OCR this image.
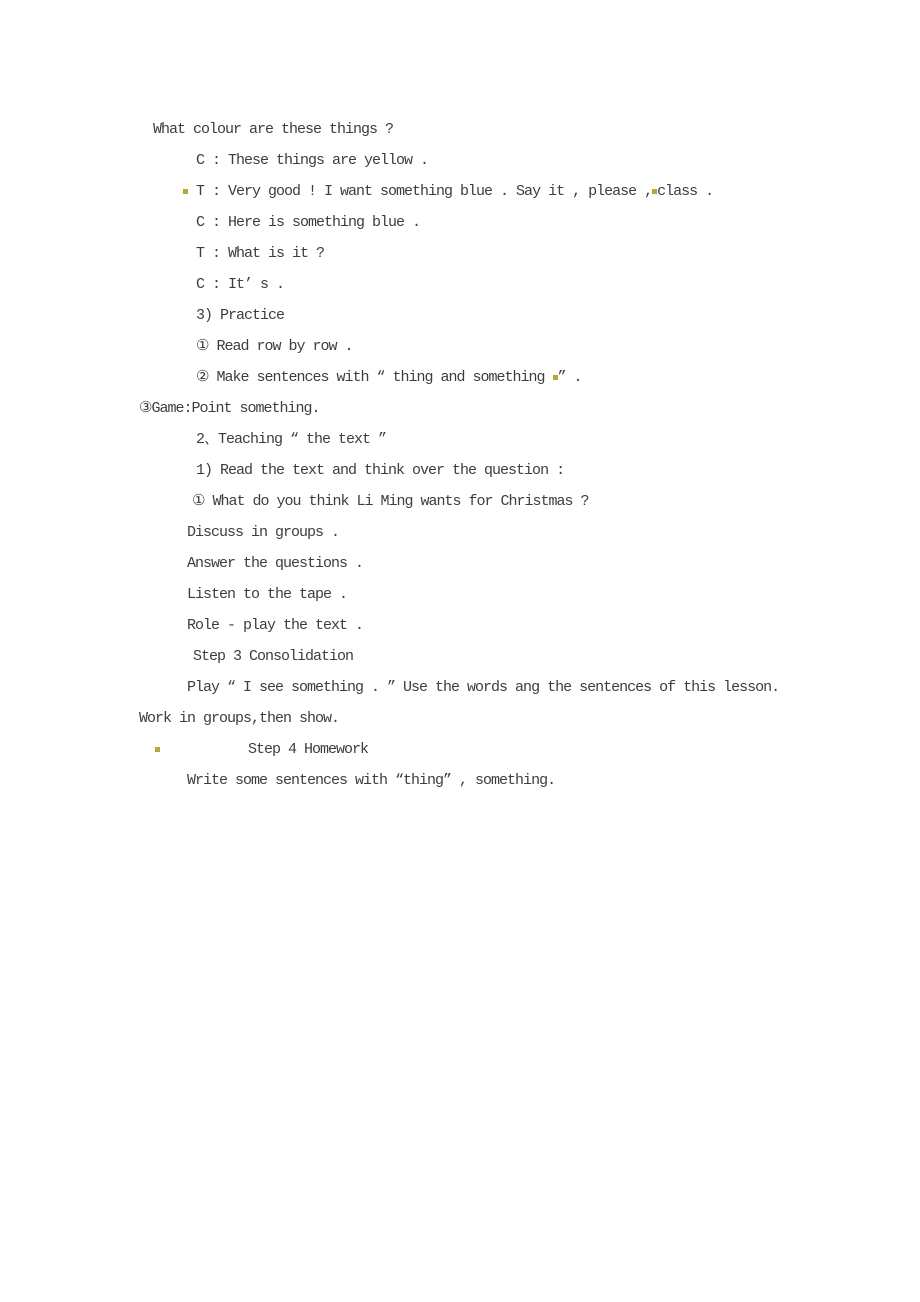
What colour are these things ?
C : These things are yellow .
T : Very good ! I want something blue . Say it , please , class .
C : Here is something blue .
T : What is it ?
C : It’ s .
3) Practice
① Read row by row .
② Make sentences with “ thing and something ” .
③Game:Point something.
2、Teaching “ the text ”
1) Read the text and think over the question :
① What do you think Li Ming wants for Christmas ?
Discuss in groups .
Answer the questions .
Listen to the tape .
Role - play the text .
Step 3 Consolidation
Play “ I see something . ” Use the words ang the sentences of this lesson.
Work in groups,then show.
Step 4 Homework
Write some sentences with “thing” , something.
